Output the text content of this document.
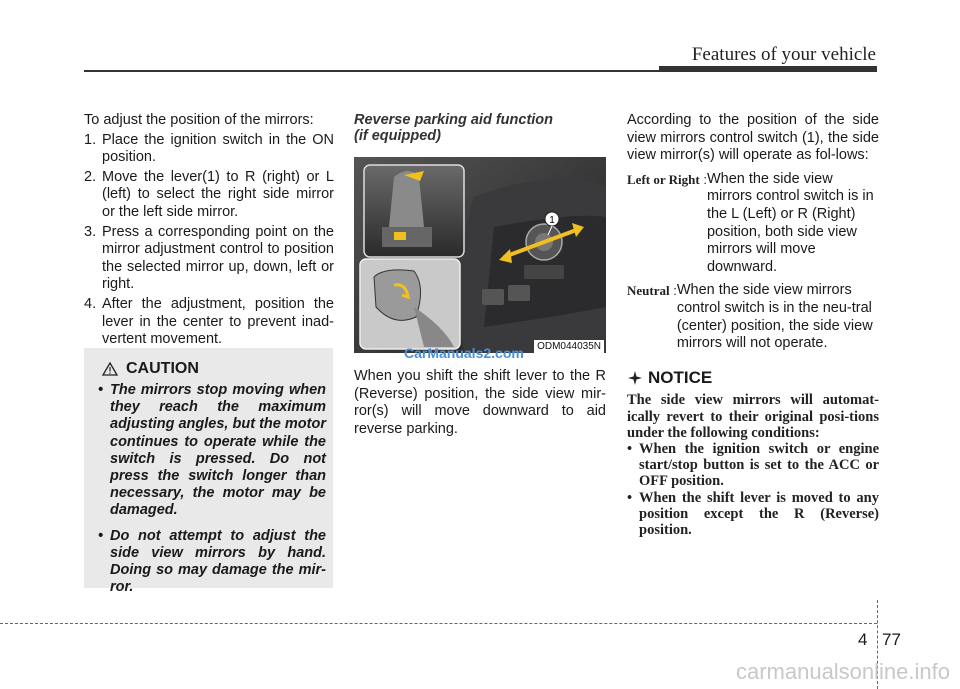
Features of your vehicle

To adjust the position of the mirrors:

1. Place the ignition switch in the ON position.
2. Move the lever(1) to R (right) or L (left) to select the right side mirror or the left side mirror.
3. Press a corresponding point on the mirror adjustment control to position the selected mirror up, down, left or right.
4. After the adjustment, position the lever in the center to prevent inad-vertent movement.
CAUTION
• The mirrors stop moving when they reach the maximum adjusting angles, but the motor continues to operate while the switch is pressed. Do not press the switch longer than necessary, the motor may be damaged.
• Do not attempt to adjust the side view mirrors by hand. Doing so may damage the mir-ror.
Reverse parking aid function
(if equipped)
1
ODM044035N
CarManuals2.com
When you shift the shift lever to the R (Reverse) position, the side view mir-ror(s) will move downward to aid reverse parking.

According to the position of the side view mirrors control switch (1), the side view mirror(s) will operate as fol-lows:

Left or Right : When the side view mirrors control switch is in the L (Left) or R (Right) position, both side view mirrors will move downward.
Neutral : When the side view mirrors control switch is in the neu-tral (center) position, the side view mirrors will not operate.
NOTICE
The side view mirrors will automat-ically revert to their original posi-tions under the following conditions:
• When the ignition switch or engine start/stop button is set to the ACC or OFF position.
• When the shift lever is moved to any position except the R (Reverse) position.
4 77
carmanualsonline.info
